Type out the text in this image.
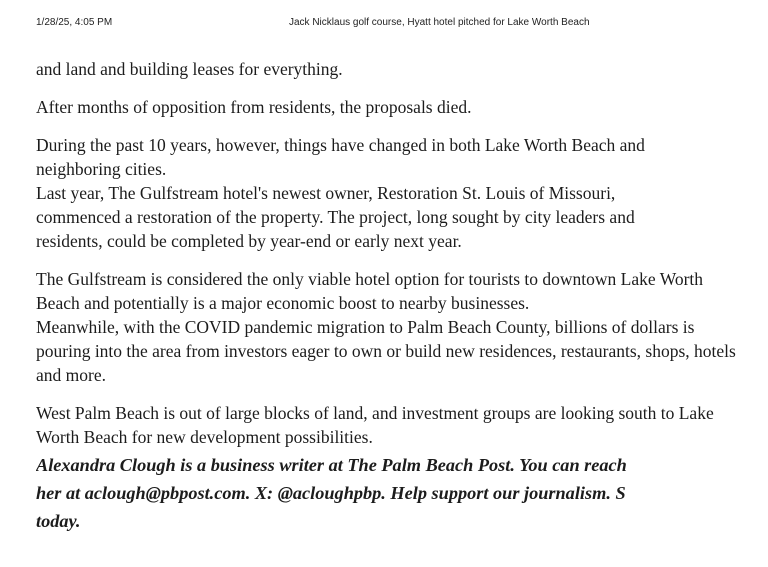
1/28/25, 4:05 PM	Jack Nicklaus golf course, Hyatt hotel pitched for Lake Worth Beach

and land and building leases for everything.

After months of opposition from residents, the proposals died.

During the past 10 years, however, things have changed in both Lake Worth Beach and neighboring cities.

Last year, The Gulfstream hotel's newest owner, Restoration St. Louis of Missouri, commenced a restoration of the property. The project, long sought by city leaders and residents, could be completed by year-end or early next year.

The Gulfstream is considered the only viable hotel option for tourists to downtown Lake Worth Beach and potentially is a major economic boost to nearby businesses.

Meanwhile, with the COVID pandemic migration to Palm Beach County, billions of dollars is pouring into the area from investors eager to own or build new residences, restaurants, shops, hotels and more.

West Palm Beach is out of large blocks of land, and investment groups are looking south to Lake Worth Beach for new development possibilities.

Alexandra Clough is a business writer at The Palm Beach Post. You can reach
her at aclough@pbpost.com. X: @acloughpbp. Help support our journalism. S
today.
